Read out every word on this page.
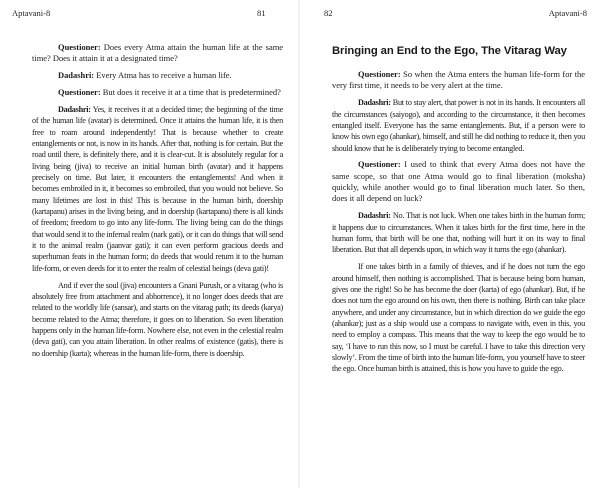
Aptavani-8	81

Questioner: Does every Atma attain the human life at the same time? Does it attain it at a designated time?

Dadashri: Every Atma has to receive a human life.

Questioner: But does it receive it at a time that is predetermined?

Dadashri: Yes, it receives it at a decided time; the beginning of the time of the human life (avatar) is determined. Once it attains the human life, it is then free to roam around independently! That is because whether to create entanglements or not, is now in its hands. After that, nothing is for certain. But the road until there, is definitely there, and it is clear-cut. It is absolutely regular for a living being (jiva) to receive an initial human birth (avatar) and it happens precisely on time. But later, it encounters the entanglements! And when it becomes embroiled in it, it becomes so embroiled, that you would not believe. So many lifetimes are lost in this! This is because in the human birth, doership (kartapanu) arises in the living being, and in doership (kartapanu) there is all kinds of freedom; freedom to go into any life-form. The living being can do the things that would send it to the infernal realm (nark gati), or it can do things that will send it to the animal realm (jaanvar gati); it can even perform gracious deeds and superhuman feats in the human form; do deeds that would return it to the human life-form, or even deeds for it to enter the realm of celestial beings (deva gati)!

And if ever the soul (jiva) encounters a Gnani Purush, or a vitarag (who is absolutely free from attachment and abhorrence), it no longer does deeds that are related to the worldly life (sansar), and starts on the vitarag path; its deeds (karya) become related to the Atma; therefore, it goes on to liberation. So even liberation happens only in the human life-form. Nowhere else, not even in the celestial realm (deva gati), can you attain liberation. In other realms of existence (gatis), there is no doership (karta); whereas in the human life-form, there is doership.

82	Aptavani-8
Bringing an End to the Ego, The Vitarag Way

Questioner: So when the Atma enters the human life-form for the very first time, it needs to be very alert at the time.

Dadashri: But to stay alert, that power is not in its hands. It encounters all the circumstances (saiyogo), and according to the circumstance, it then becomes entangled itself. Everyone has the same entanglements. But, if a person were to know his own ego (ahankar), himself, and still he did nothing to reduce it, then you should know that he is deliberately trying to become entangled.

Questioner: I used to think that every Atma does not have the same scope, so that one Atma would go to final liberation (moksha) quickly, while another would go to final liberation much later. So then, does it all depend on luck?

Dadashri: No. That is not luck. When one takes birth in the human form; it happens due to circumstances. When it takes birth for the first time, here in the human form, that birth will be one that, nothing will hurt it on its way to final liberation. But that all depends upon, in which way it turns the ego (ahankar).

If one takes birth in a family of thieves, and if he does not turn the ego around himself, then nothing is accomplished. That is because being born human, gives one the right! So he has become the doer (karta) of ego (ahankar). But, if he does not turn the ego around on his own, then there is nothing. Birth can take place anywhere, and under any circumstance, but in which direction do we guide the ego (ahankar); just as a ship would use a compass to navigate with, even in this, you need to employ a compass. This means that the way to keep the ego would be to say, ‘I have to run this now, so I must be careful. I have to take this direction very slowly’. From the time of birth into the human life-form, you yourself have to steer the ego. Once human birth is attained, this is how you have to guide the ego.
